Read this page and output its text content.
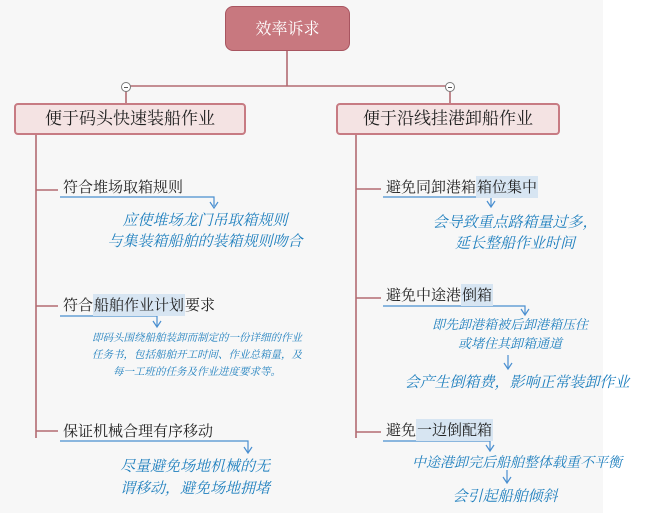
效率诉求
便于码头快速装船作业	便于沿线挂港卸船作业
符合堆场取箱规则
应使堆场龙门吊取箱规则
与集装箱船舶的装箱规则吻合
符合船舶作业计划要求
即码头围绕船舶装卸而制定的一份详细的作业
任务书，包括船舶开工时间、作业总箱量，及
每一工班的任务及作业进度要求等。
保证机械合理有序移动
尽量避免场地机械的无
谓移动，避免场地拥堵
避免同卸港箱箱位集中
会导致重点路箱量过多，
延长整船作业时间
避免中途港倒箱
即先卸港箱被后卸港箱压住
或堵住其卸箱通道
会产生倒箱费，影响正常装卸作业
避免一边倒配箱
中途港卸完后船舶整体载重不平衡
会引起船舶倾斜
